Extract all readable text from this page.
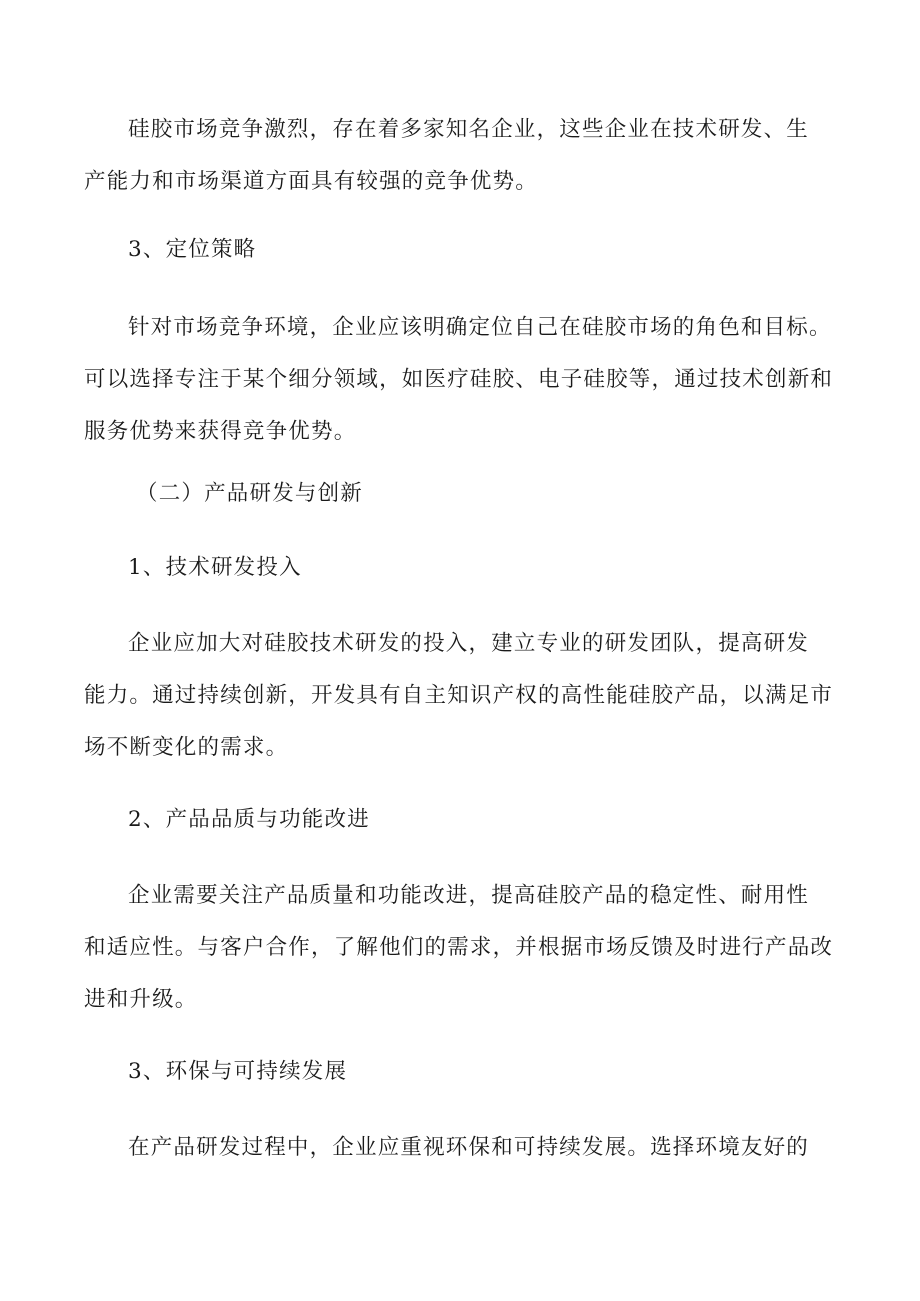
硅胶市场竞争激烈，存在着多家知名企业，这些企业在技术研发、生
产能力和市场渠道方面具有较强的竞争优势。
3、定位策略
针对市场竞争环境，企业应该明确定位自己在硅胶市场的角色和目标。
可以选择专注于某个细分领域，如医疗硅胶、电子硅胶等，通过技术创新和
服务优势来获得竞争优势。
（二）产品研发与创新
1、技术研发投入
企业应加大对硅胶技术研发的投入，建立专业的研发团队，提高研发
能力。通过持续创新，开发具有自主知识产权的高性能硅胶产品，以满足市
场不断变化的需求。
2、产品品质与功能改进
企业需要关注产品质量和功能改进，提高硅胶产品的稳定性、耐用性
和适应性。与客户合作，了解他们的需求，并根据市场反馈及时进行产品改
进和升级。
3、环保与可持续发展
在产品研发过程中，企业应重视环保和可持续发展。选择环境友好的
